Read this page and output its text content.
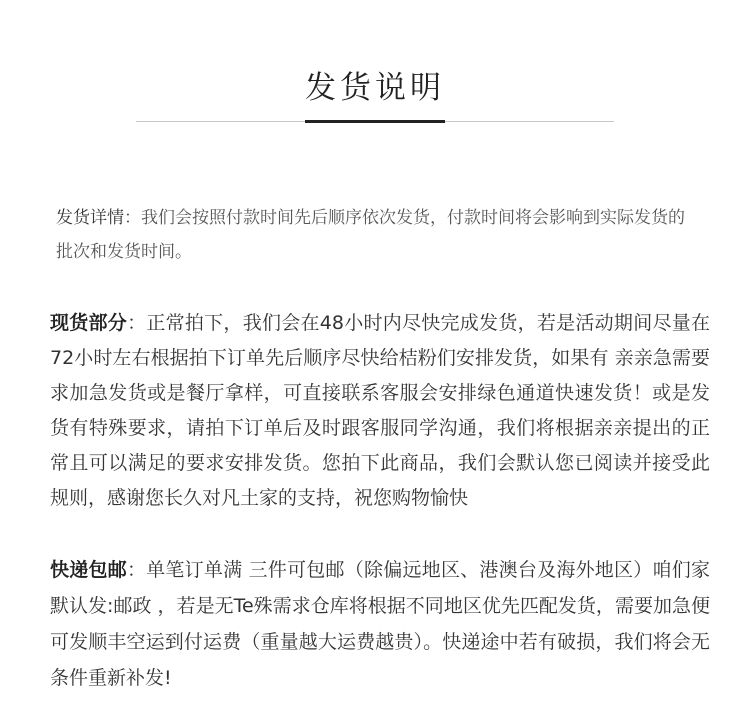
发货说明

发货详情：我们会按照付款时间先后顺序依次发货，付款时间将会影响到实际发货的批次和发货时间。

现货部分：正常拍下，我们会在48小时内尽快完成发货，若是活动期间尽量在72小时左右根据拍下订单先后顺序尽快给桔粉们安排发货，如果有 亲亲急需要求加急发货或是餐厅拿样，可直接联系客服会安排绿色通道快速发货！或是发货有特殊要求，请拍下订单后及时跟客服同学沟通，我们将根据亲亲提出的正常且可以满足的要求安排发货。您拍下此商品，我们会默认您已阅读并接受此规则，感谢您长久对凡土家的支持，祝您购物愉快

快递包邮：单笔订单满 三件可包邮（除偏远地区、港澳台及海外地区）咱们家默认发:邮政 ，若是无Te殊需求仓库将根据不同地区优先匹配发货，需要加急便可发顺丰空运到付运费（重量越大运费越贵）。快递途中若有破损，我们将会无条件重新补发!
